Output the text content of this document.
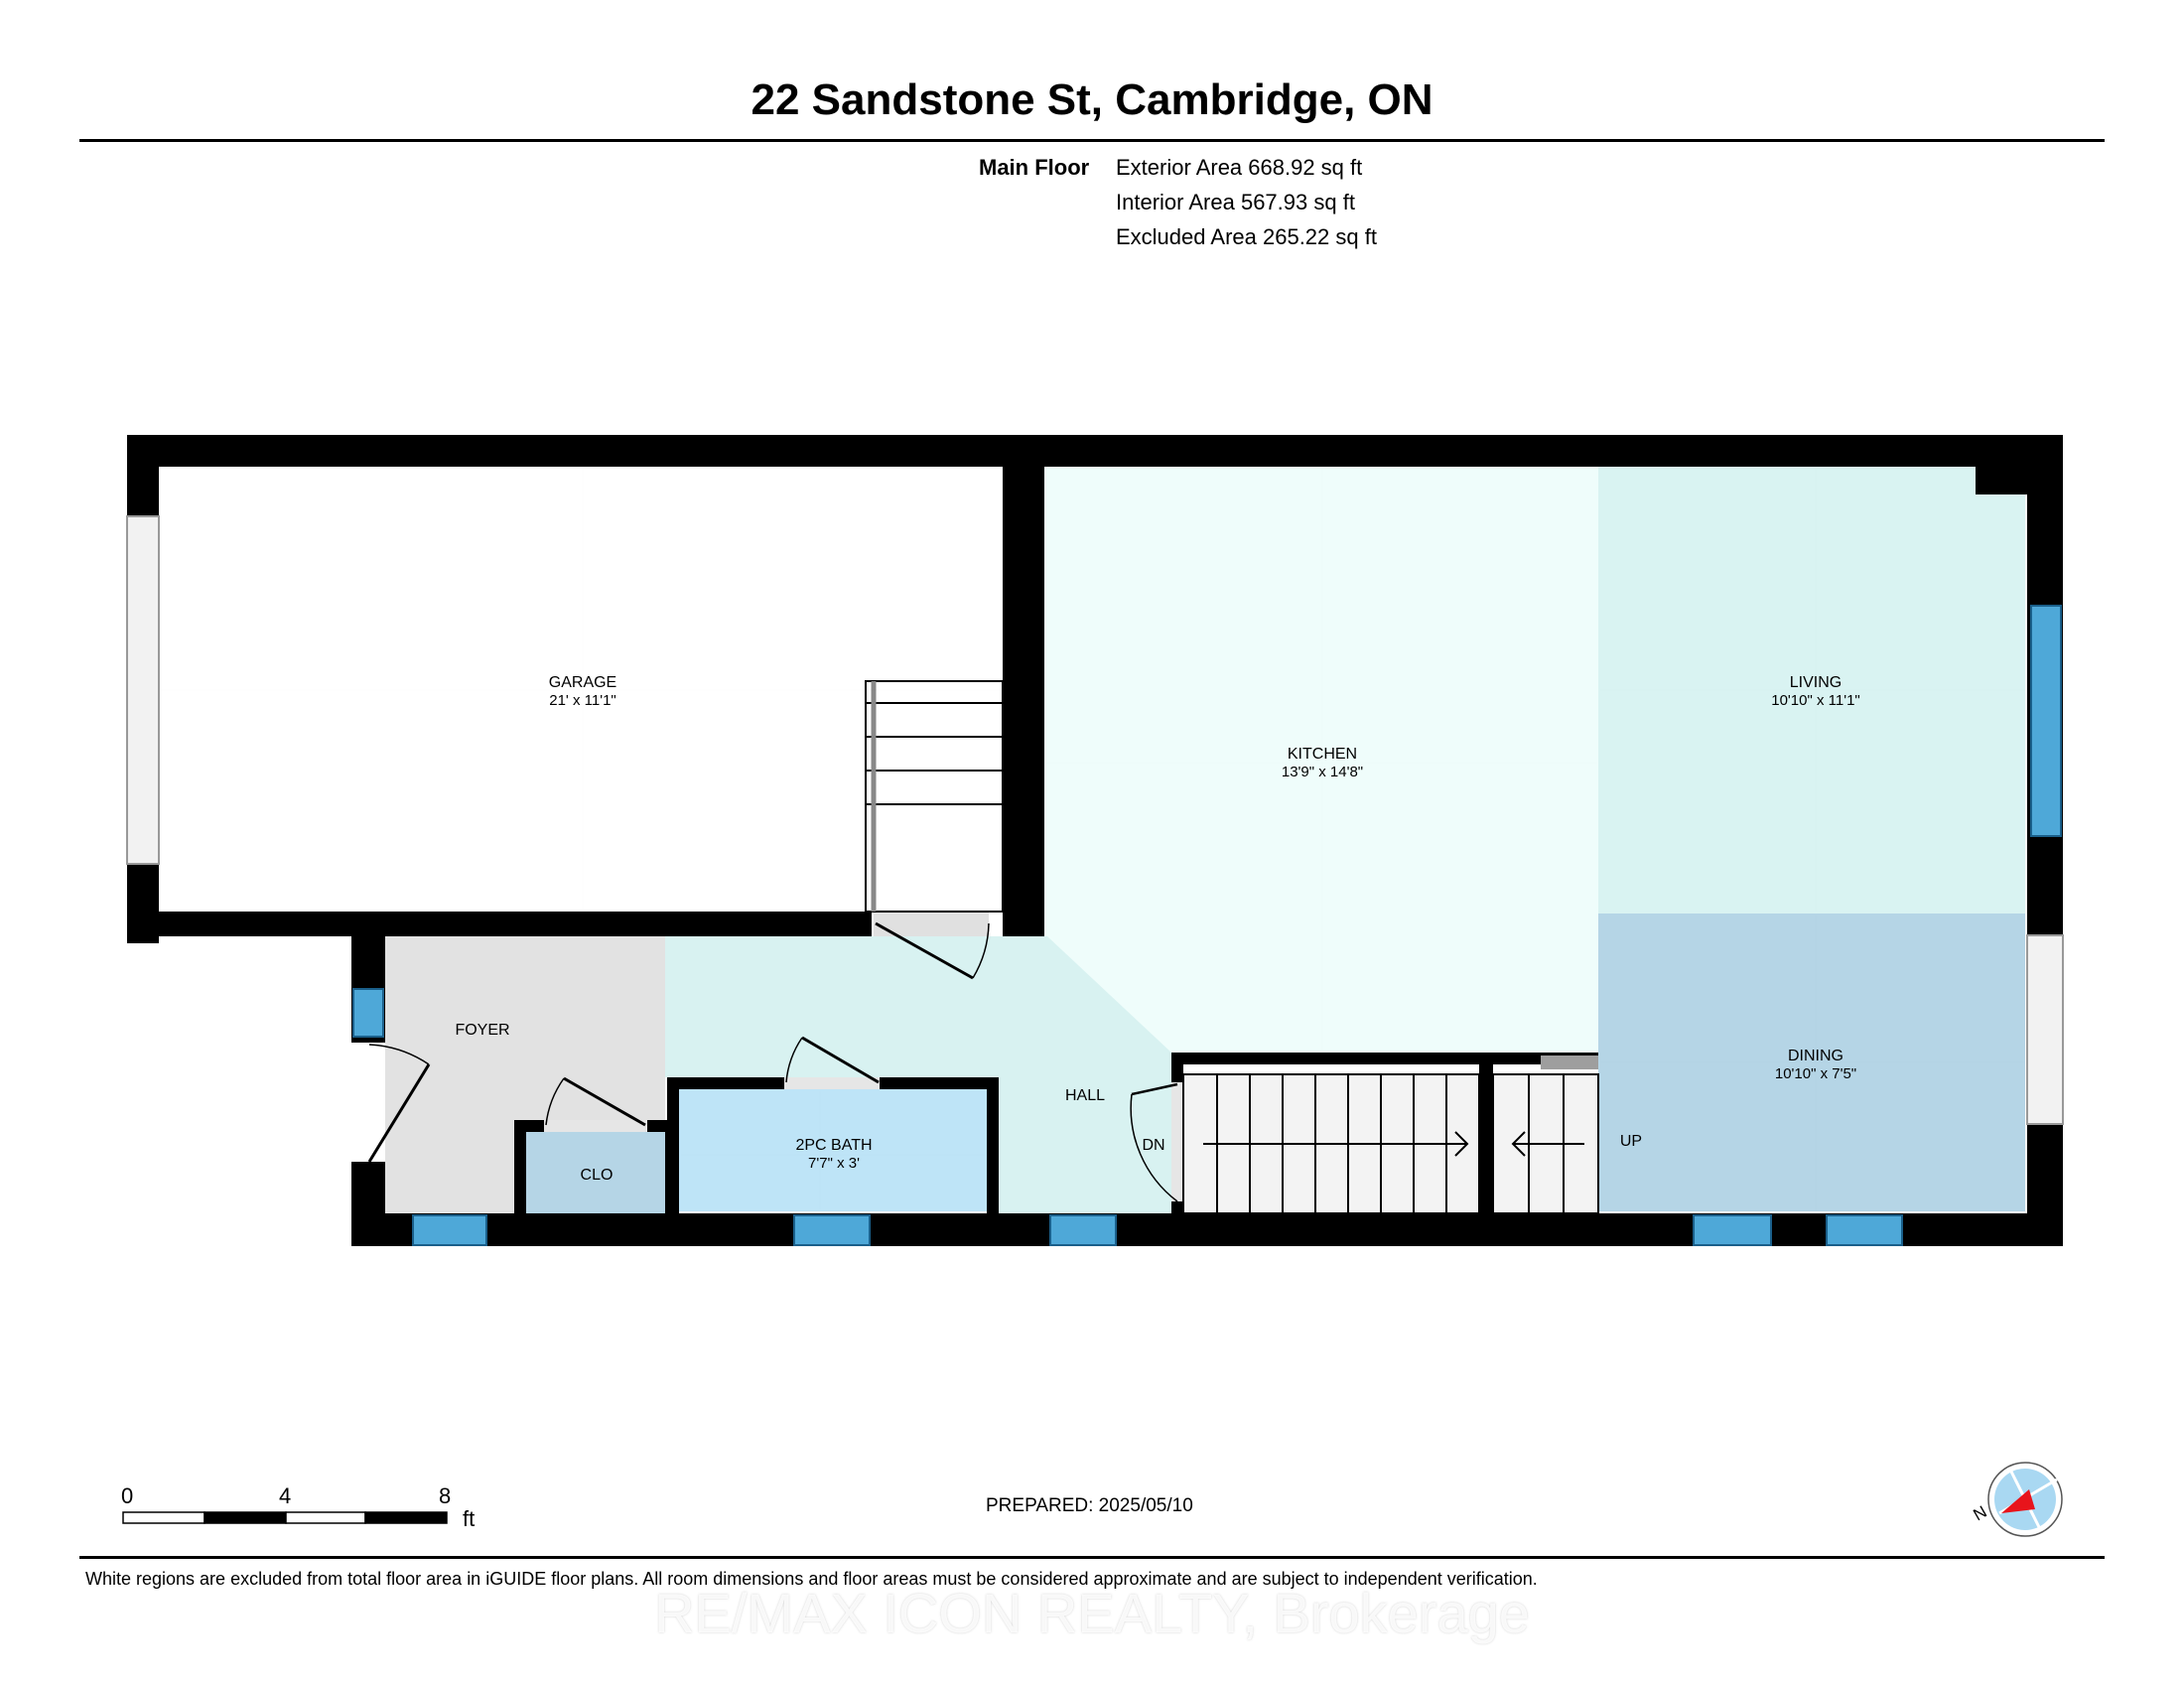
22 Sandstone St, Cambridge, ON
Main Floor Exterior Area 668.92 sq ft
Interior Area 567.93 sq ft
Excluded Area 265.22 sq ft
GARAGE
21' x 11'1"
KITCHEN
13'9" x 14'8"
LIVING
10'10" x 11'1"
DINING
10'10" x 7'5"
FOYER
HALL
2PC BATH
7'7" x 3'
CLO
DN	UP
N
0	4	8
ft
PREPARED: 2025/05/10
White regions are excluded from total floor area in iGUIDE floor plans. All room dimensions and floor areas must be considered approximate and are subject to independent verification.
RE/MAX ICON REALTY, Brokerage
